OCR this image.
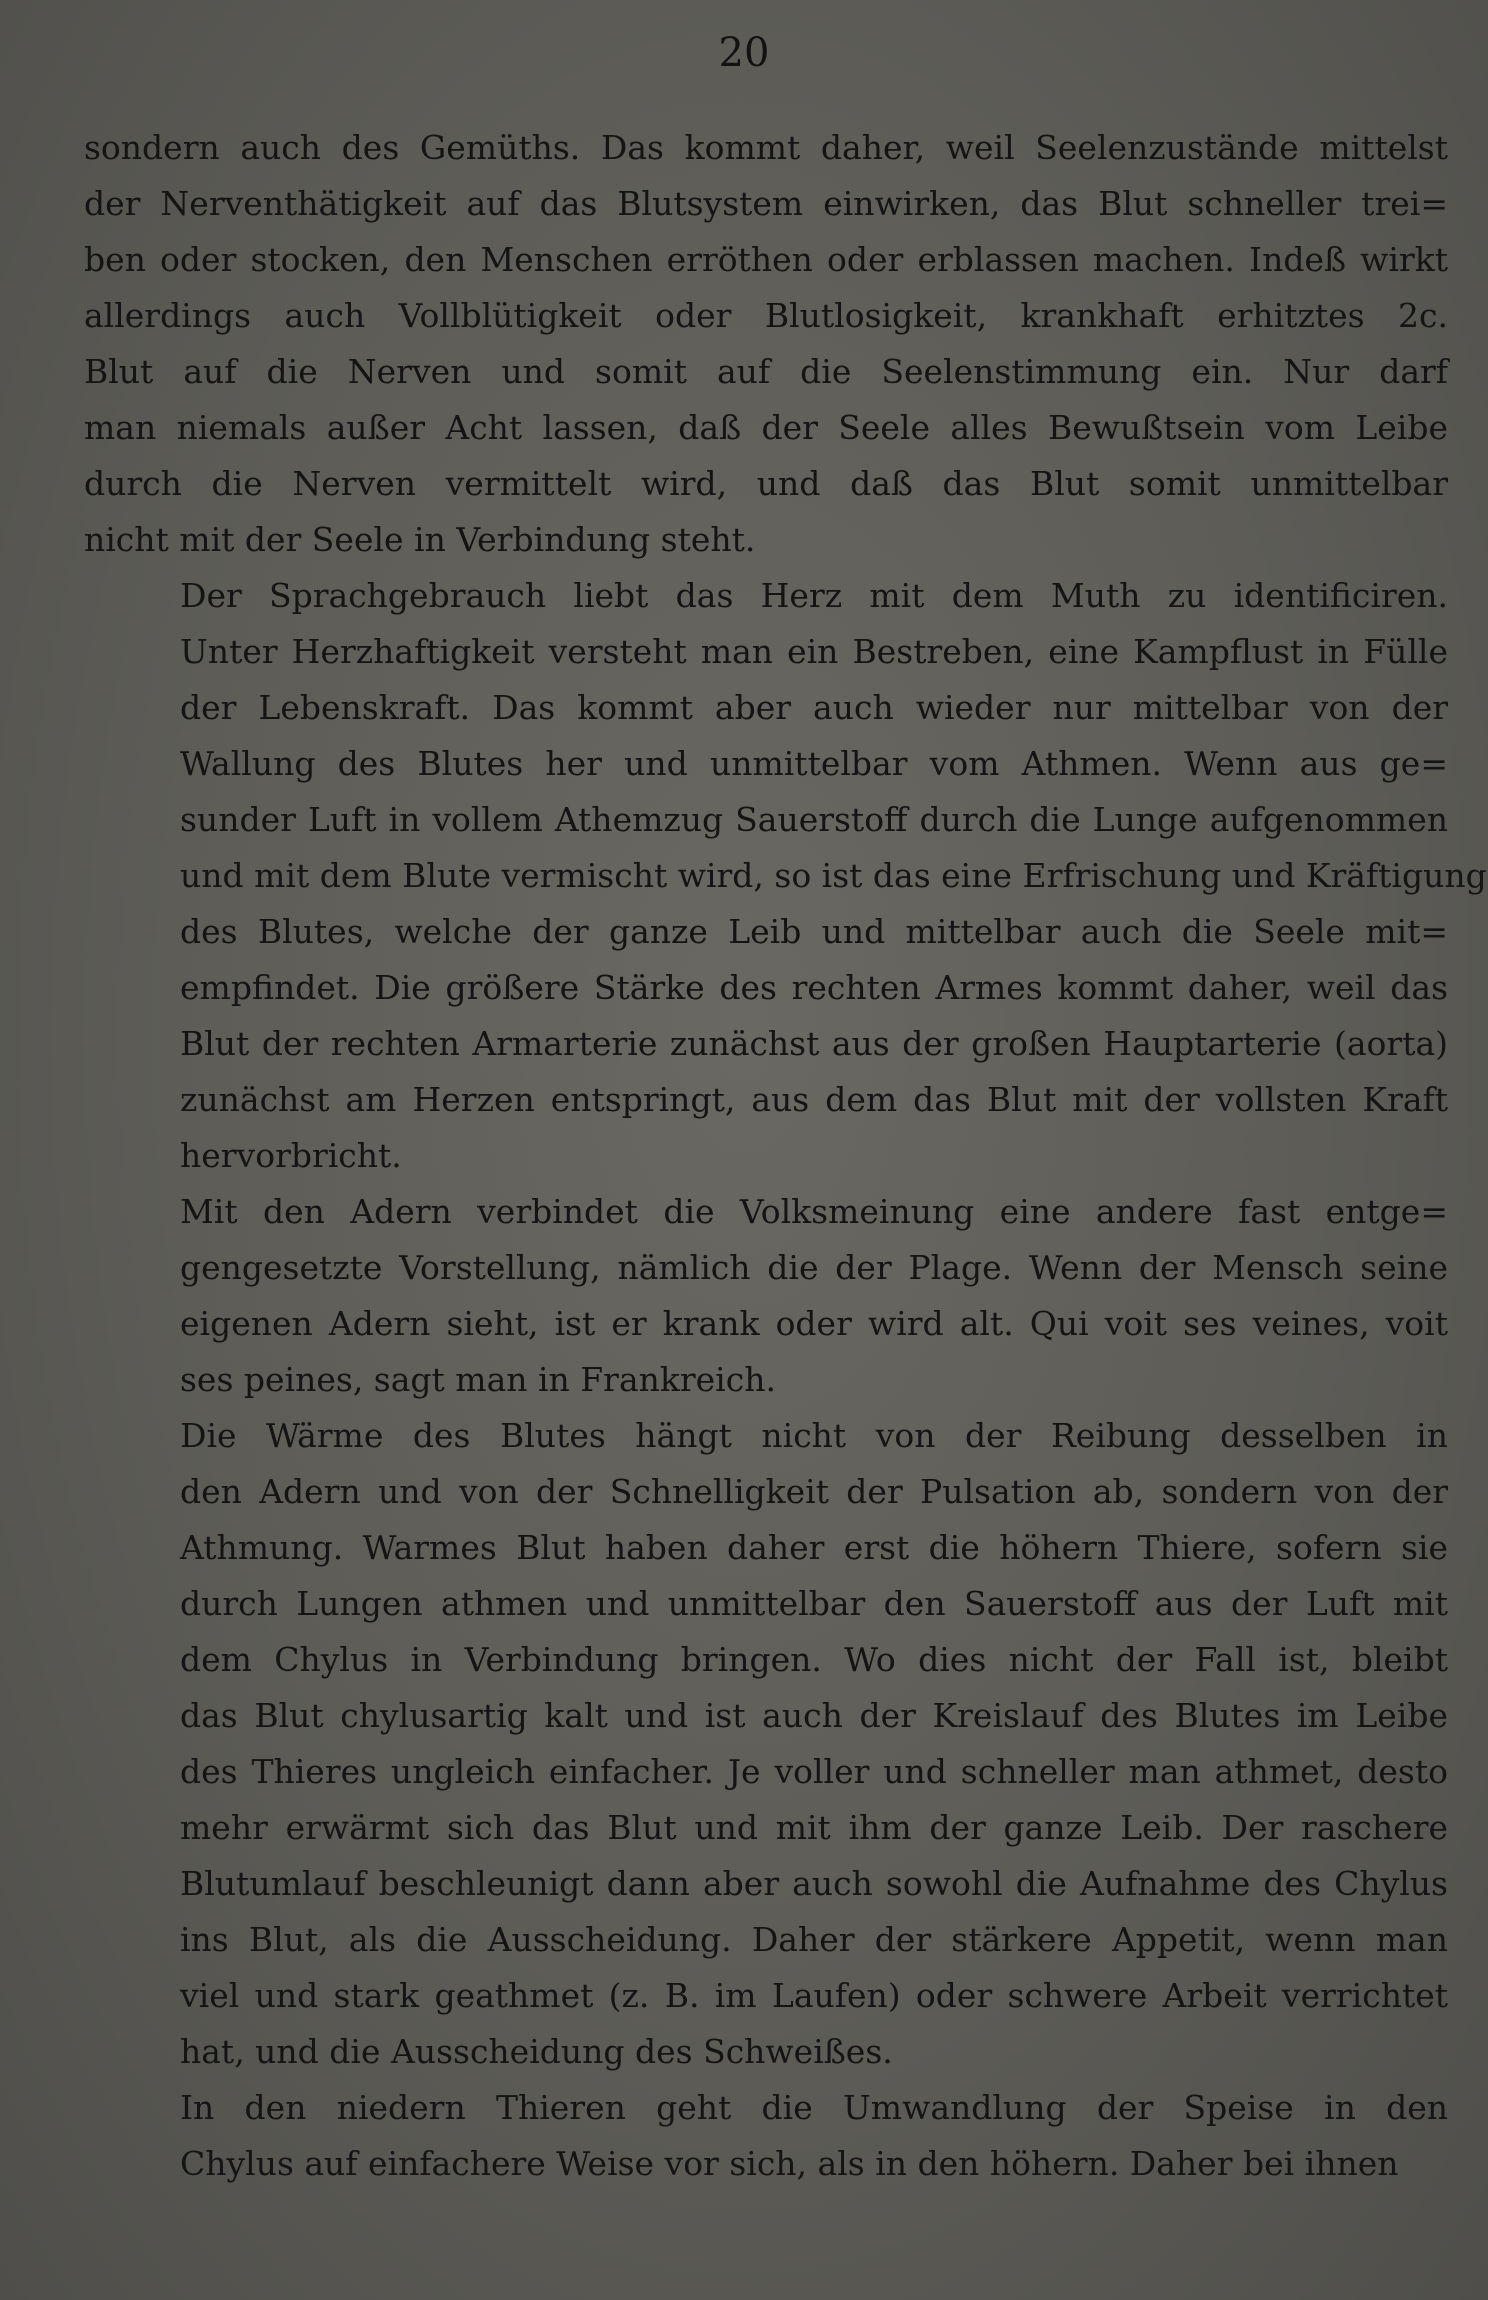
20
sondern auch des Gemüths. Das kommt daher, weil Seelenzustände mittelst
der Nerventhätigkeit auf das Blutsystem einwirken, das Blut schneller trei=
ben oder stocken, den Menschen erröthen oder erblassen machen. Indeß wirkt
allerdings auch Vollblütigkeit oder Blutlosigkeit, krankhaft erhitztes 2c.
Blut auf die Nerven und somit auf die Seelenstimmung ein. Nur darf
man niemals außer Acht lassen, daß der Seele alles Bewußtsein vom Leibe
durch die Nerven vermittelt wird, und daß das Blut somit unmittelbar
nicht mit der Seele in Verbindung steht.
Der Sprachgebrauch liebt das Herz mit dem Muth zu identificiren.
Unter Herzhaftigkeit versteht man ein Bestreben, eine Kampflust in Fülle
der Lebenskraft. Das kommt aber auch wieder nur mittelbar von der
Wallung des Blutes her und unmittelbar vom Athmen. Wenn aus ge=
sunder Luft in vollem Athemzug Sauerstoff durch die Lunge aufgenommen
und mit dem Blute vermischt wird, so ist das eine Erfrischung und Kräftigung
des Blutes, welche der ganze Leib und mittelbar auch die Seele mit=
empfindet. Die größere Stärke des rechten Armes kommt daher, weil das
Blut der rechten Armarterie zunächst aus der großen Hauptarterie (aorta)
zunächst am Herzen entspringt, aus dem das Blut mit der vollsten Kraft
hervorbricht.
Mit den Adern verbindet die Volksmeinung eine andere fast entge=
gengesetzte Vorstellung, nämlich die der Plage. Wenn der Mensch seine
eigenen Adern sieht, ist er krank oder wird alt. Qui voit ses veines, voit
ses peines, sagt man in Frankreich.
Die Wärme des Blutes hängt nicht von der Reibung desselben in
den Adern und von der Schnelligkeit der Pulsation ab, sondern von der
Athmung. Warmes Blut haben daher erst die höhern Thiere, sofern sie
durch Lungen athmen und unmittelbar den Sauerstoff aus der Luft mit
dem Chylus in Verbindung bringen. Wo dies nicht der Fall ist, bleibt
das Blut chylusartig kalt und ist auch der Kreislauf des Blutes im Leibe
des Thieres ungleich einfacher. Je voller und schneller man athmet, desto
mehr erwärmt sich das Blut und mit ihm der ganze Leib. Der raschere
Blutumlauf beschleunigt dann aber auch sowohl die Aufnahme des Chylus
ins Blut, als die Ausscheidung. Daher der stärkere Appetit, wenn man
viel und stark geathmet (z. B. im Laufen) oder schwere Arbeit verrichtet
hat, und die Ausscheidung des Schweißes.
In den niedern Thieren geht die Umwandlung der Speise in den
Chylus auf einfachere Weise vor sich, als in den höhern. Daher bei ihnen
